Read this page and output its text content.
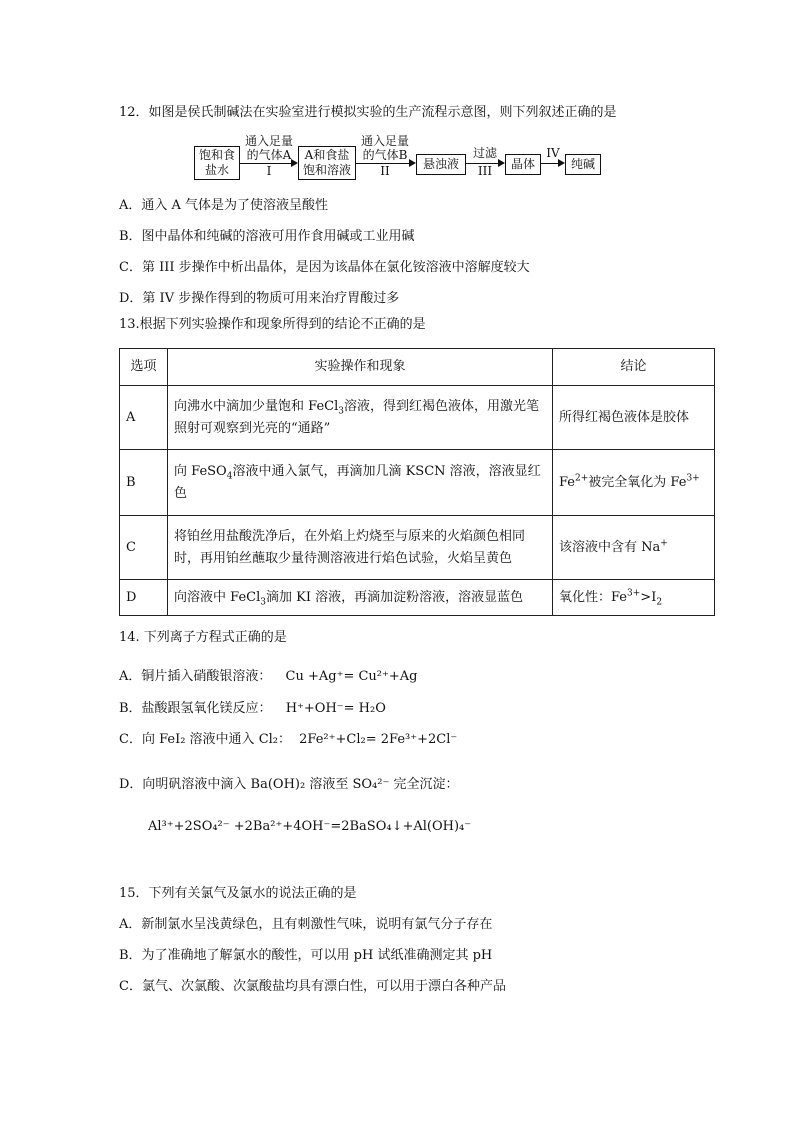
12．如图是侯氏制碱法在实验室进行模拟实验的生产流程示意图，则下列叙述正确的是
饱和食
盐水
通入足量
的气体A
I
A和食盐
饱和溶液
通入足量
的气体B
II	悬浊液
过滤
III	晶体
IV
纯碱
A．通入 A 气体是为了使溶液呈酸性
B．图中晶体和纯碱的溶液可用作食用碱或工业用碱
C．第 III 步操作中析出晶体，是因为该晶体在氯化铵溶液中溶解度较大
D．第 IV 步操作得到的物质可用来治疗胃酸过多
13.根据下列实验操作和现象所得到的结论不正确的是
选项	实验操作和现象	结论
A	向沸水中滴加少量饱和 FeCl$_3$溶液，得到红褐色液体，用激光笔照射可观察到光亮的“通路”	所得红褐色液体是胶体
B	向 FeSO$_4$溶液中通入氯气，再滴加几滴 KSCN 溶液，溶液显红色	$Fe^{2+}$被完全氧化为 $Fe^{3+}$
C	将铂丝用盐酸洗净后，在外焰上灼烧至与原来的火焰颜色相同时，再用铂丝蘸取少量待测溶液进行焰色试验，火焰呈黄色	该溶液中含有 Na+
D	向溶液中 FeCl$_3$滴加 KI 溶液，再滴加淀粉溶液，溶液显蓝色	氧化性：$Fe^{3+}>I_2$
14. 下列离子方程式正确的是
A．铜片插入硝酸银溶液： Cu +Ag⁺= Cu²⁺+Ag
B．盐酸跟氢氧化镁反应： H⁺+OH⁻= H₂O
C．向 FeI₂ 溶液中通入 Cl₂： 2Fe²⁺+Cl₂= 2Fe³⁺+2Cl⁻
D．向明矾溶液中滴入 Ba(OH)₂ 溶液至 SO₄²⁻ 完全沉淀：
Al³⁺+2SO₄²⁻ +2Ba²⁺+4OH⁻=2BaSO₄↓+Al(OH)₄⁻
15．下列有关氯气及氯水的说法正确的是
A．新制氯水呈浅黄绿色，且有刺激性气味，说明有氯气分子存在
B．为了准确地了解氯水的酸性，可以用 pH 试纸准确测定其 pH
C．氯气、次氯酸、次氯酸盐均具有漂白性，可以用于漂白各种产品
